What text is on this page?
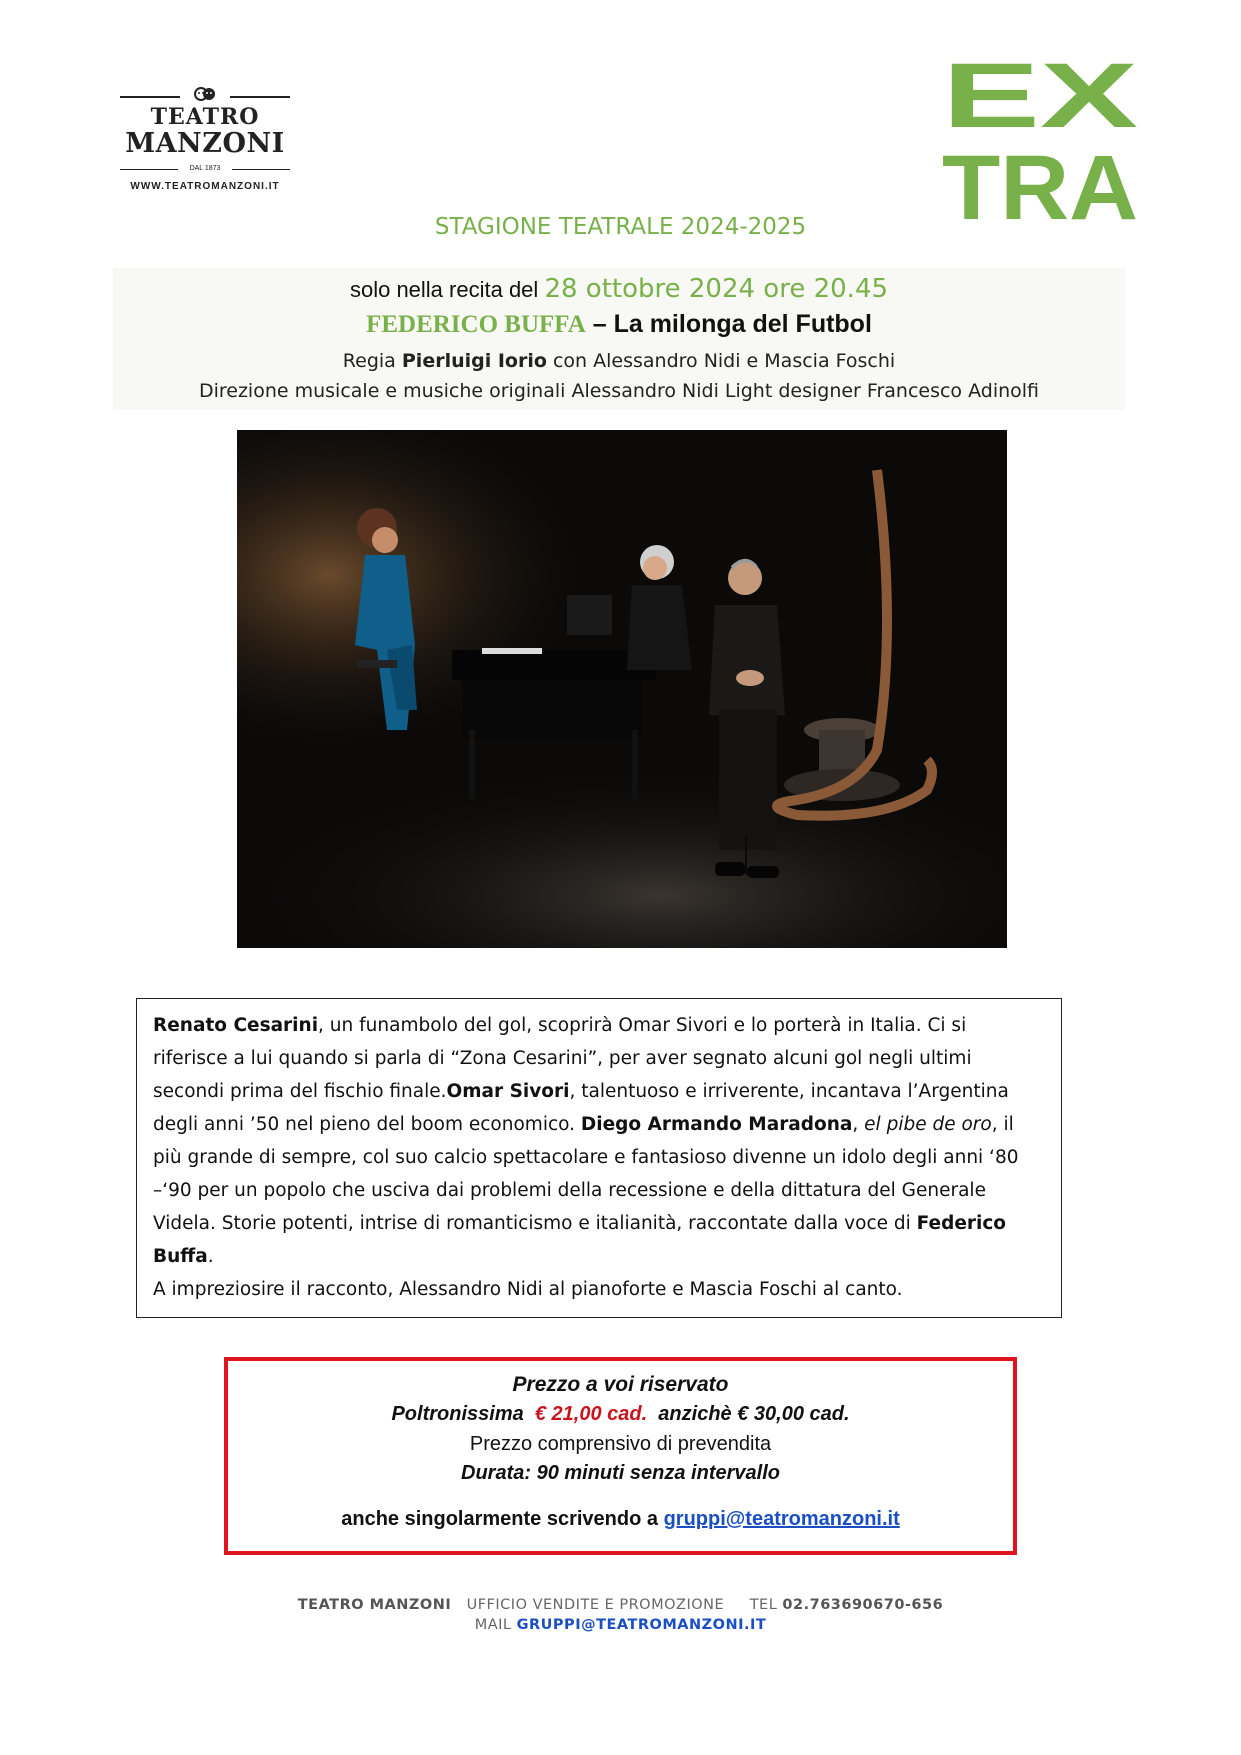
TEATRO
MANZONI
DAL 1873
WWW.TEATROMANZONI.IT
EX
TRA
STAGIONE TEATRALE 2024-2025
solo nella recita del 28 ottobre 2024 ore 20.45
FEDERICO BUFFA – La milonga del Futbol
Regia Pierluigi Iorio con Alessandro Nidi e Mascia Foschi
Direzione musicale e musiche originali Alessandro Nidi Light designer Francesco Adinolfi

Renato Cesarini, un funambolo del gol, scoprirà Omar Sivori e lo porterà in Italia. Ci si riferisce a lui quando si parla di “Zona Cesarini”, per aver segnato alcuni gol negli ultimi secondi prima del fischio finale.Omar Sivori, talentuoso e irriverente, incantava l’Argentina degli anni ’50 nel pieno del boom economico. Diego Armando Maradona, el pibe de oro, il più grande di sempre, col suo calcio spettacolare e fantasioso divenne un idolo degli anni ‘80 –‘90 per un popolo che usciva dai problemi della recessione e della dittatura del Generale Videla. Storie potenti, intrise di romanticismo e italianità, raccontate dalla voce di Federico Buffa.

A impreziosire il racconto, Alessandro Nidi al pianoforte e Mascia Foschi al canto.

Prezzo a voi riservato
Poltronissima € 21,00 cad. anzichè € 30,00 cad.
Prezzo comprensivo di prevendita
Durata: 90 minuti senza intervallo
anche singolarmente scrivendo a gruppi@teatromanzoni.it
TEATRO MANZONI UFFICIO VENDITE E PROMOZIONE TEL 02.763690670-656
MAIL GRUPPI@TEATROMANZONI.IT
